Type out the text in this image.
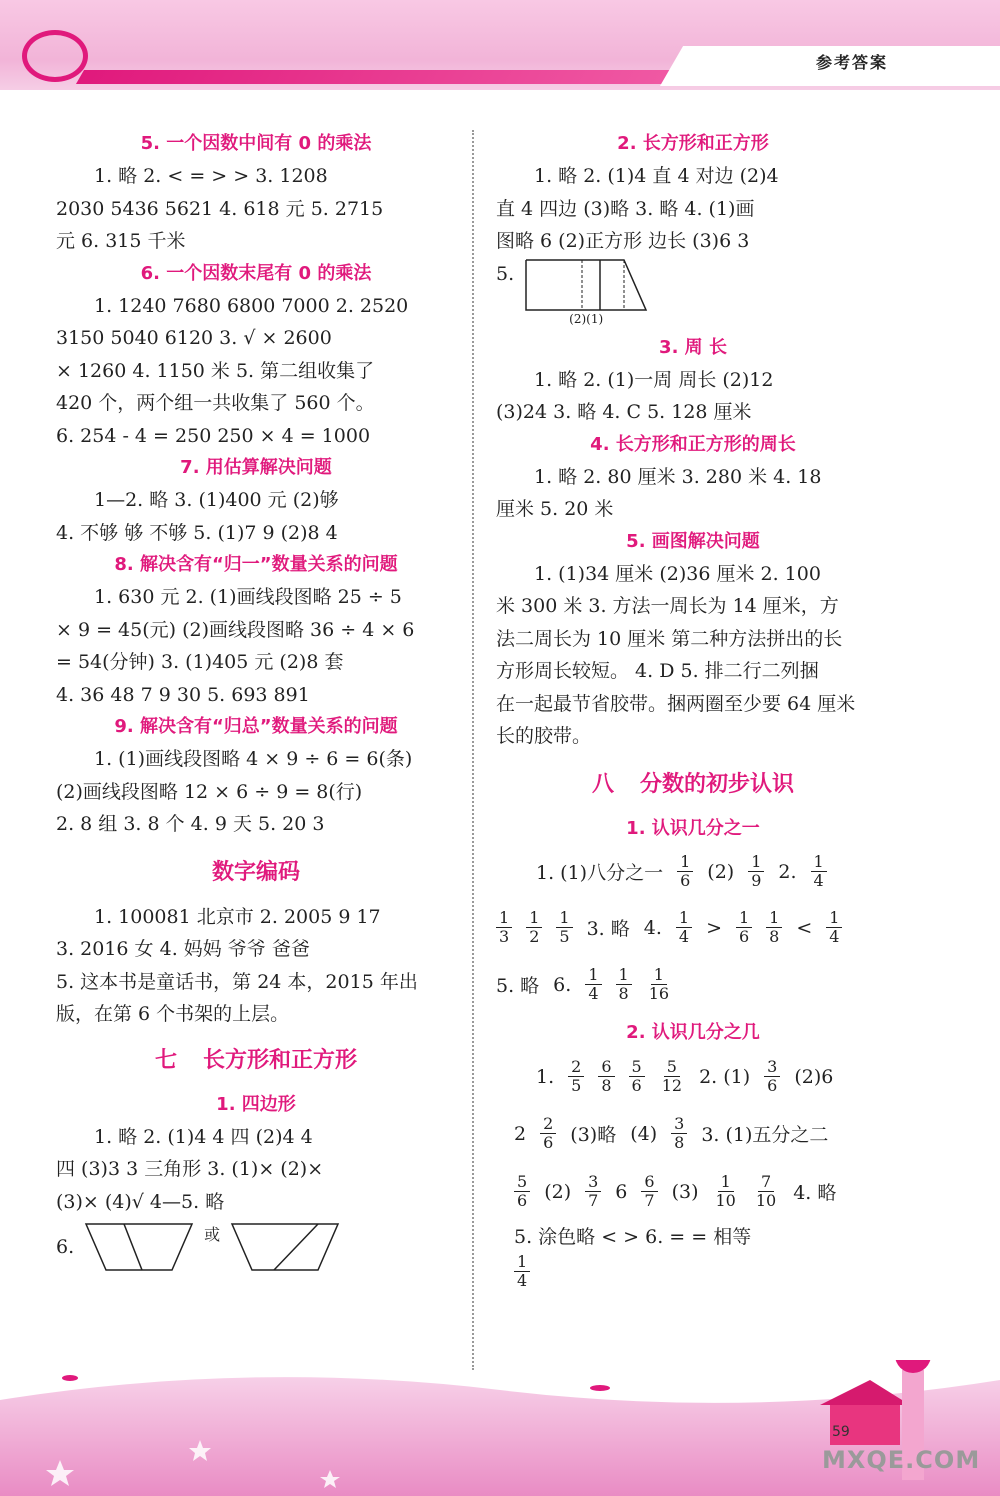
参考答案
5. 一个因数中间有 0 的乘法
1. 略 2. < = > > 3. 1208
2030 5436 5621 4. 618 元 5. 2715
元 6. 315 千米
6. 一个因数末尾有 0 的乘法
1. 1240 7680 6800 7000 2. 2520
3150 5040 6120 3. √ × 2600
× 1260 4. 1150 米 5. 第二组收集了
420 个，两个组一共收集了 560 个。
6. 254 - 4 = 250 250 × 4 = 1000
7. 用估算解决问题
1—2. 略 3. (1)400 元 (2)够
4. 不够 够 不够 5. (1)7 9 (2)8 4
8. 解决含有“归一”数量关系的问题
1. 630 元 2. (1)画线段图略 25 ÷ 5
× 9 = 45(元) (2)画线段图略 36 ÷ 4 × 6
= 54(分钟) 3. (1)405 元 (2)8 套
4. 36 48 7 9 30 5. 693 891
9. 解决含有“归总”数量关系的问题
1. (1)画线段图略 4 × 9 ÷ 6 = 6(条)
(2)画线段图略 12 × 6 ÷ 9 = 8(行)
2. 8 组 3. 8 个 4. 9 天 5. 20 3
数字编码
1. 100081 北京市 2. 2005 9 17
3. 2016 女 4. 妈妈 爷爷 爸爸
5. 这本书是童话书，第 24 本，2015 年出
版，在第 6 个书架的上层。
七 长方形和正方形
1. 四边形
1. 略 2. (1)4 4 四 (2)4 4
四 (3)3 3 三角形 3. (1)× (2)×
(3)× (4)√ 4—5. 略
6.
或
2. 长方形和正方形
1. 略 2. (1)4 直 4 对边 (2)4
直 4 四边 (3)略 3. 略 4. (1)画
图略 6 (2)正方形 边长 (3)6 3
5.
(2)(1)
3. 周 长
1. 略 2. (1)一周 周长 (2)12
(3)24 3. 略 4. C 5. 128 厘米
4. 长方形和正方形的周长
1. 略 2. 80 厘米 3. 280 米 4. 18
厘米 5. 20 米
5. 画图解决问题
1. (1)34 厘米 (2)36 厘米 2. 100
米 300 米 3. 方法一周长为 14 厘米，方
法二周长为 10 厘米 第二种方法拼出的长
方形周长较短。 4. D 5. 排二行二列捆
在一起最节省胶带。捆两圈至少要 64 厘米
长的胶带。
八 分数的初步认识
1. 认识几分之一
1. (1)八分之一 $\frac{1}{6} (2) \frac{1}{9} 2$. $\frac{1}{4}$
$\frac{1}{3} \frac{1}{2} \frac{1}{5} 3$. 略 4. $\frac{1}{4} > \frac{1}{6} \frac{1}{8} < \frac{1}{4}$
5. 略 6. $\frac{1}{4} \frac{1}{8} \frac{1}{16}$
2. 认识几分之几
1. $\frac{2}{5} \frac{6}{8} \frac{5}{6} \frac{5}{12} 2$. $(1) \frac{3}{6} (2)6$
$2 \frac{2}{6} (3)$略 $(4) \frac{3}{8} 3$. (1)五分之二
$\frac{5}{6} (2) \frac{3}{7} 6 \frac{6}{7} (3) \frac{1}{10} \frac{7}{10} 4$. 略
5. 涂色略 < > 6. = = 相等
$\frac{1}{4}$
59
MXQE.COM
